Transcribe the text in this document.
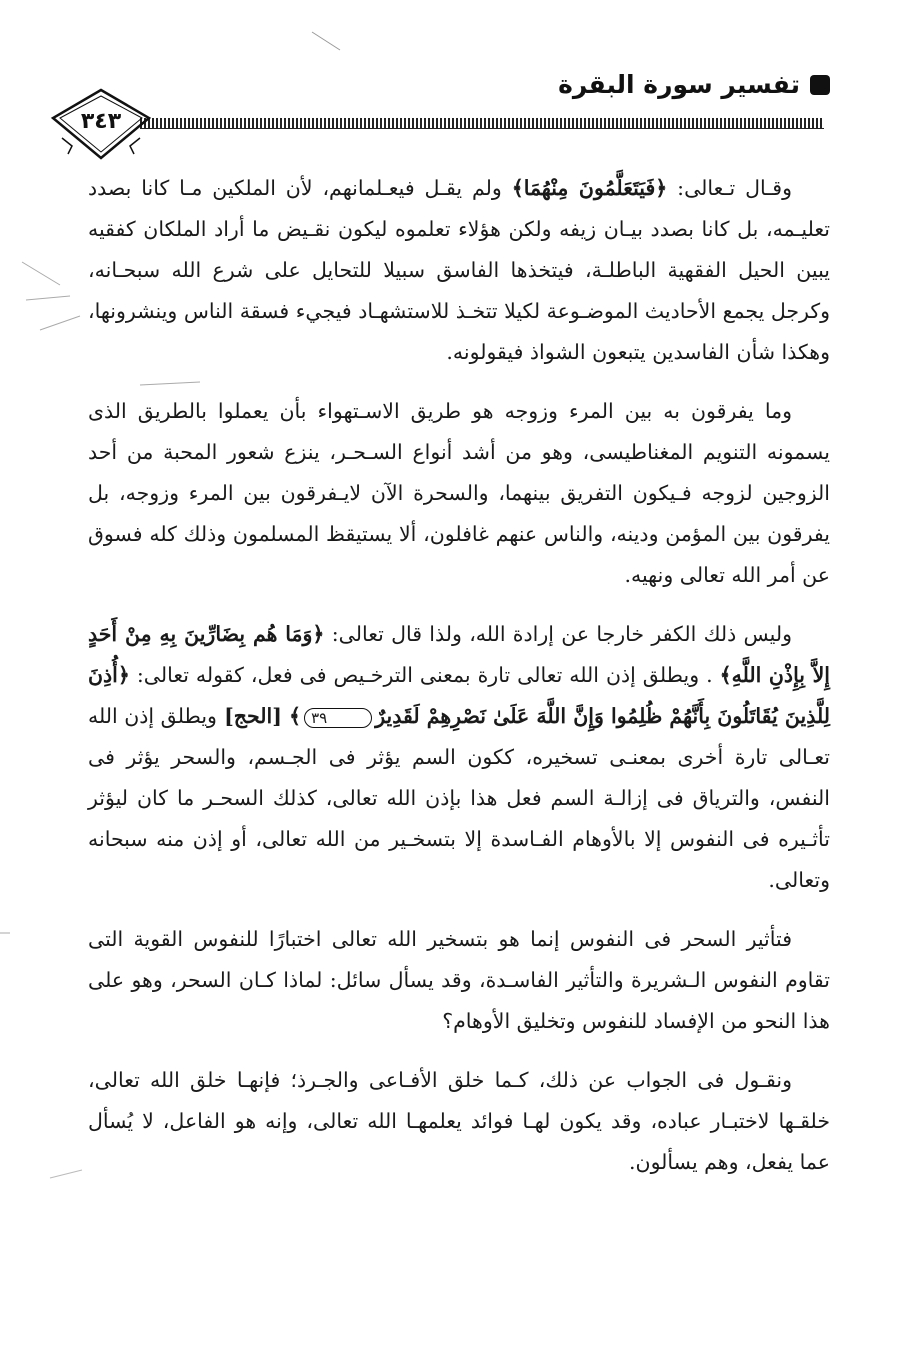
تفسير سورة البقرة
٣٤٣

وقـال تـعالى: ﴿فَيَتَعَلَّمُونَ مِنْهُمَا﴾ ولم يقـل فيعـلمانهم، لأن الملكين مـا كانا بصدد تعليـمه، بل كانا بصدد بيـان زيفه ولكن هؤلاء تعلموه ليكون نقـيض ما أراد الملكان كفقيه يبين الحيل الفقهية الباطلـة، فيتخذها الفاسق سبيلا للتحايل على شرع الله سبحـانه، وكرجل يجمع الأحاديث الموضـوعة لكيلا تتخـذ للاستشهـاد فيجيء فسقة الناس وينشرونها، وهكذا شأن الفاسدين يتبعون الشواذ فيقولونه.

وما يفرقون به بين المرء وزوجه هو طريق الاسـتهواء بأن يعملوا بالطريق الذى يسمونه التنويم المغناطيسى، وهو من أشد أنواع السـحـر، ينزع شعور المحبة من أحد الزوجين لزوجه فـيكون التفريق بينهما، والسحرة الآن لايـفرقون بين المرء وزوجه، بل يفرقون بين المؤمن ودينه، والناس عنهم غافلون، ألا يستيقظ المسلمون وذلك كله فسوق عن أمر الله تعالى ونهيه.

وليس ذلك الكفر خارجا عن إرادة الله، ولذا قال تعالى: ﴿وَمَا هُم بِضَارِّينَ بِهِ مِنْ أَحَدٍ إِلاَّ بِإِذْنِ اللَّهِ﴾ . ويطلق إذن الله تعالى تارة بمعنى الترخـيص فى فعل، كقوله تعالى: ﴿أُذِنَ لِلَّذِينَ يُقَاتَلُونَ بِأَنَّهُمْ ظُلِمُوا وَإِنَّ اللَّهَ عَلَىٰ نَصْرِهِمْ لَقَدِيرٌ٣٩﴾ [الحج] ويطلق إذن الله تعـالى تارة أخرى بمعنـى تسخيره، ككون السم يؤثر فى الجـسم، والسحر يؤثر فى النفس، والترياق فى إزالـة السم فعل هذا بإذن الله تعالى، كذلك السحـر ما كان ليؤثر تأثـيره فى النفوس إلا بالأوهام الفـاسدة إلا بتسخـير من الله تعالى، أو إذن منه سبحانه وتعالى.

فتأثير السحر فى النفوس إنما هو بتسخير الله تعالى اختبارًا للنفوس القوية التى تقاوم النفوس الـشريرة والتأثير الفاسـدة، وقد يسأل سائل: لماذا كـان السحر، وهو على هذا النحو من الإفساد للنفوس وتخليق الأوهام؟

ونقـول فى الجواب عن ذلك، كـما خلق الأفـاعى والجـرذ؛ فإنهـا خلق الله تعالى، خلقـها لاختبـار عباده، وقد يكون لهـا فوائد يعلمهـا الله تعالى، وإنه هو الفاعل، لا يُسأل عما يفعل، وهم يسألون.
